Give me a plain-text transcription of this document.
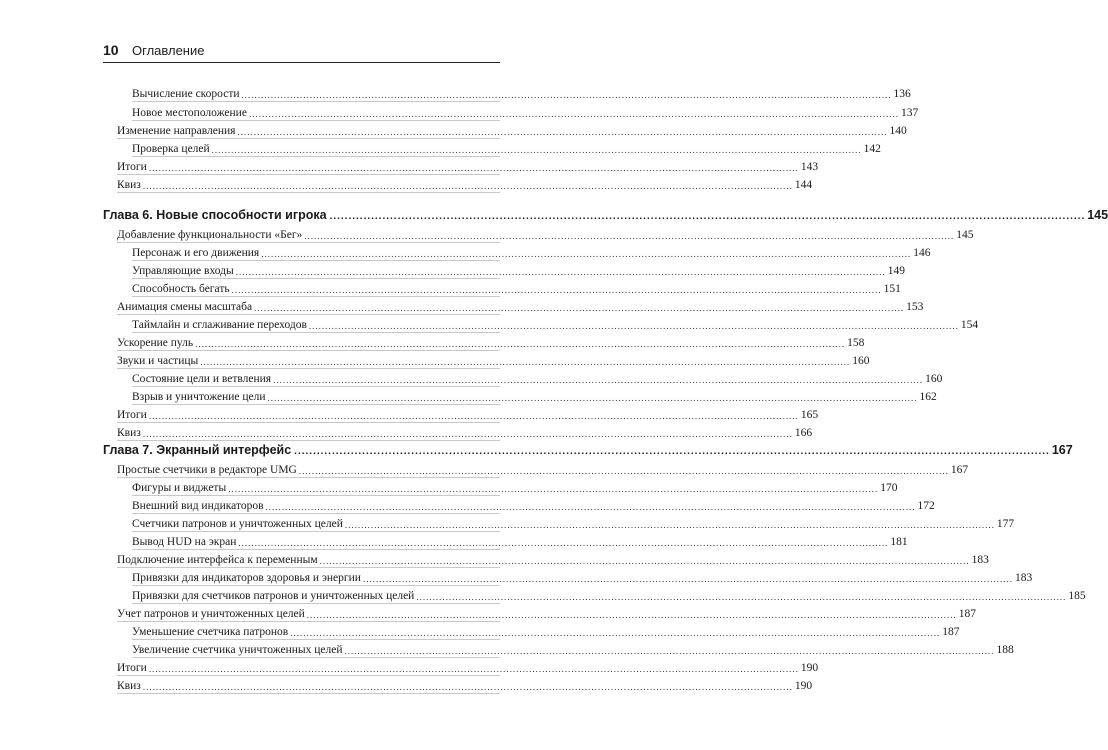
10 Оглавление
Вычисление скорости ........................................................................................................................................................................................................ 136
Новое местоположение ........................................................................................................................................................................................................ 137
Изменение направления ........................................................................................................................................................................................................ 140
Проверка целей ........................................................................................................................................................................................................ 142
Итоги ........................................................................................................................................................................................................ 143
Квиз ........................................................................................................................................................................................................ 144
Глава 6. Новые способности игрока ........................................................................................................................................................................................................ 145
Добавление функциональности «Бег» ........................................................................................................................................................................................................ 145
Персонаж и его движения ........................................................................................................................................................................................................ 146
Управляющие входы ........................................................................................................................................................................................................ 149
Способность бегать ........................................................................................................................................................................................................ 151
Анимация смены масштаба ........................................................................................................................................................................................................ 153
Таймлайн и сглаживание переходов ........................................................................................................................................................................................................ 154
Ускорение пуль ........................................................................................................................................................................................................ 158
Звуки и частицы ........................................................................................................................................................................................................ 160
Состояние цели и ветвления ........................................................................................................................................................................................................ 160
Взрыв и уничтожение цели ........................................................................................................................................................................................................ 162
Итоги ........................................................................................................................................................................................................ 165
Квиз ........................................................................................................................................................................................................ 166
Глава 7. Экранный интерфейс ........................................................................................................................................................................................................ 167
Простые счетчики в редакторе UMG ........................................................................................................................................................................................................ 167
Фигуры и виджеты ........................................................................................................................................................................................................ 170
Внешний вид индикаторов ........................................................................................................................................................................................................ 172
Счетчики патронов и уничтоженных целей ........................................................................................................................................................................................................ 177
Вывод HUD на экран ........................................................................................................................................................................................................ 181
Подключение интерфейса к переменным ........................................................................................................................................................................................................ 183
Привязки для индикаторов здоровья и энергии ........................................................................................................................................................................................................ 183
Привязки для счетчиков патронов и уничтоженных целей ........................................................................................................................................................................................................ 185
Учет патронов и уничтоженных целей ........................................................................................................................................................................................................ 187
Уменьшение счетчика патронов ........................................................................................................................................................................................................ 187
Увеличение счетчика уничтоженных целей ........................................................................................................................................................................................................ 188
Итоги ........................................................................................................................................................................................................ 190
Квиз ........................................................................................................................................................................................................ 190
